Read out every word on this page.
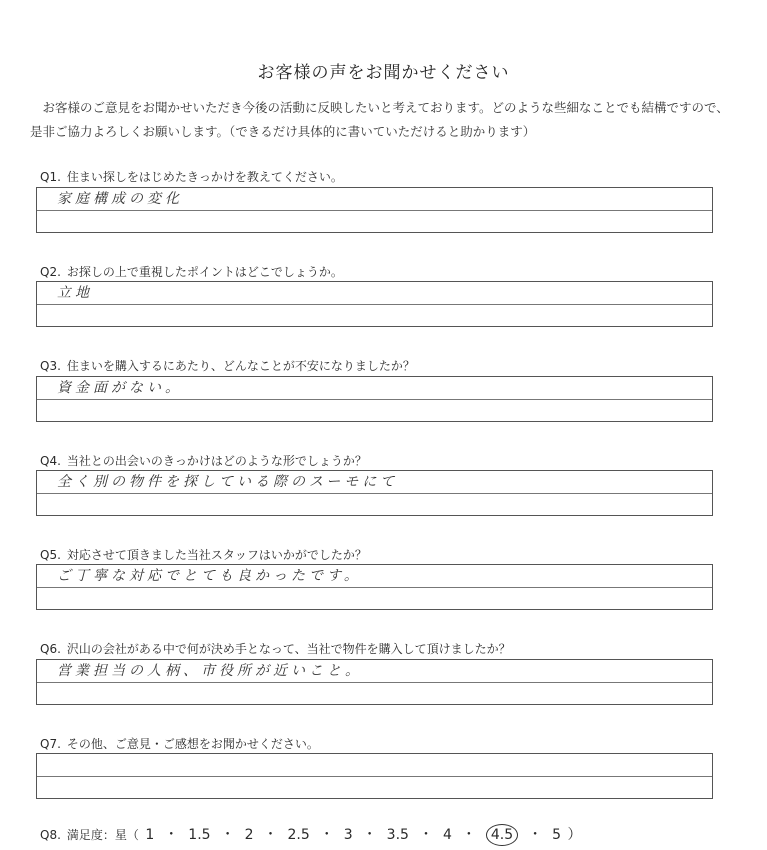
お客様の声をお聞かせください
お客様のご意見をお聞かせいただき今後の活動に反映したいと考えております。どのような些細なことでも結構ですので、是非ご協力よろしくお願いします。（できるだけ具体的に書いていただけると助かります）
Q1. 住まい探しをはじめたきっかけを教えてください。
家庭構成の変化
Q2. お探しの上で重視したポイントはどこでしょうか。
立地
Q3. 住まいを購入するにあたり、どんなことが不安になりましたか？
資金面がない。
Q4. 当社との出会いのきっかけはどのような形でしょうか？
全く別の物件を探している際のスーモにて
Q5. 対応させて頂きました当社スタッフはいかがでしたか？
ご丁寧な対応でとても良かったです。
Q6. 沢山の会社がある中で何が決め手となって、当社で物件を購入して頂けましたか？
営業担当の人柄、市役所が近いこと。
Q7. その他、ご意見・ご感想をお聞かせください。
Q8. 満足度：星（ 1 ・ 1.5 ・ 2 ・ 2.5 ・ 3 ・ 3.5 ・ 4 ・ 4.5 ・ 5 ）
